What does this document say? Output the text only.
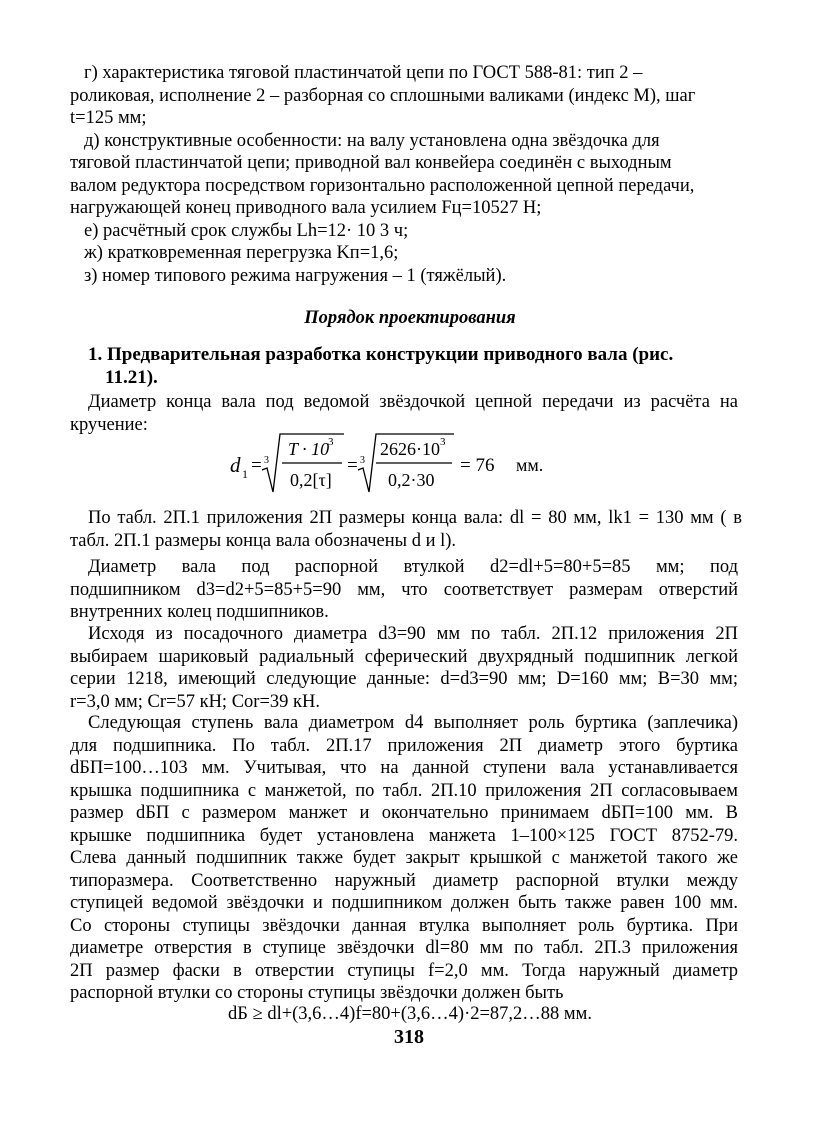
г) характеристика тяговой пластинчатой цепи по ГОСТ 588-81: тип 2 –
роликовая, исполнение 2 – разборная со сплошными валиками (индекс М), шаг
t=125 мм;
д) конструктивные особенности: на валу установлена одна звёздочка для
тяговой пластинчатой цепи; приводной вал конвейера соединён с выходным
валом редуктора посредством горизонтально расположенной цепной передачи,
нагружающей конец приводного вала усилием Fц=10527 Н;
е) расчётный срок службы Lh=12· 10 3 ч;
ж) кратковременная перегрузка Kп=1,6;
з) номер типового режима нагружения – 1 (тяжёлый).
Порядок проектирования
1. Предварительная разработка конструкции приводного вала (рис.
11.21).
Диаметр конца вала под ведомой звёздочкой цепной передачи из расчёта на
кручение:
d 1 = 3
T · 10
3
0,2[τ]
= 3
2626·10 3
0,2·30
= 76 мм.
По табл. 2П.1 приложения 2П размеры конца вала: dl = 80 мм, lk1 = 130 мм ( в
табл. 2П.1 размеры конца вала обозначены d и l).
Диаметр вала под распорной втулкой d2=dl+5=80+5=85 мм; под
подшипником d3=d2+5=85+5=90 мм, что соответствует размерам отверстий
внутренних колец подшипников.
Исходя из посадочного диаметра d3=90 мм по табл. 2П.12 приложения 2П
выбираем шариковый радиальный сферический двухрядный подшипник легкой
серии 1218, имеющий следующие данные: d=d3=90 мм; D=160 мм; B=30 мм;
r=3,0 мм; Cr=57 кН; Cor=39 кН.
Следующая ступень вала диаметром d4 выполняет роль буртика (заплечика)
для подшипника. По табл. 2П.17 приложения 2П диаметр этого буртика
dБП=100…103 мм. Учитывая, что на данной ступени вала устанавливается
крышка подшипника с манжетой, по табл. 2П.10 приложения 2П согласовываем
размер dБП с размером манжет и окончательно принимаем dБП=100 мм. В
крышке подшипника будет установлена манжета 1–100×125 ГОСТ 8752-79.
Слева данный подшипник также будет закрыт крышкой с манжетой такого же
типоразмера. Соответственно наружный диаметр распорной втулки между
ступицей ведомой звёздочки и подшипником должен быть также равен 100 мм.
Со стороны ступицы звёздочки данная втулка выполняет роль буртика. При
диаметре отверстия в ступице звёздочки dl=80 мм по табл. 2П.3 приложения
2П размер фаски в отверстии ступицы f=2,0 мм. Тогда наружный диаметр
распорной втулки со стороны ступицы звёздочки должен быть
dБ ≥ dl+(3,6…4)f=80+(3,6…4)·2=87,2…88 мм.
318
